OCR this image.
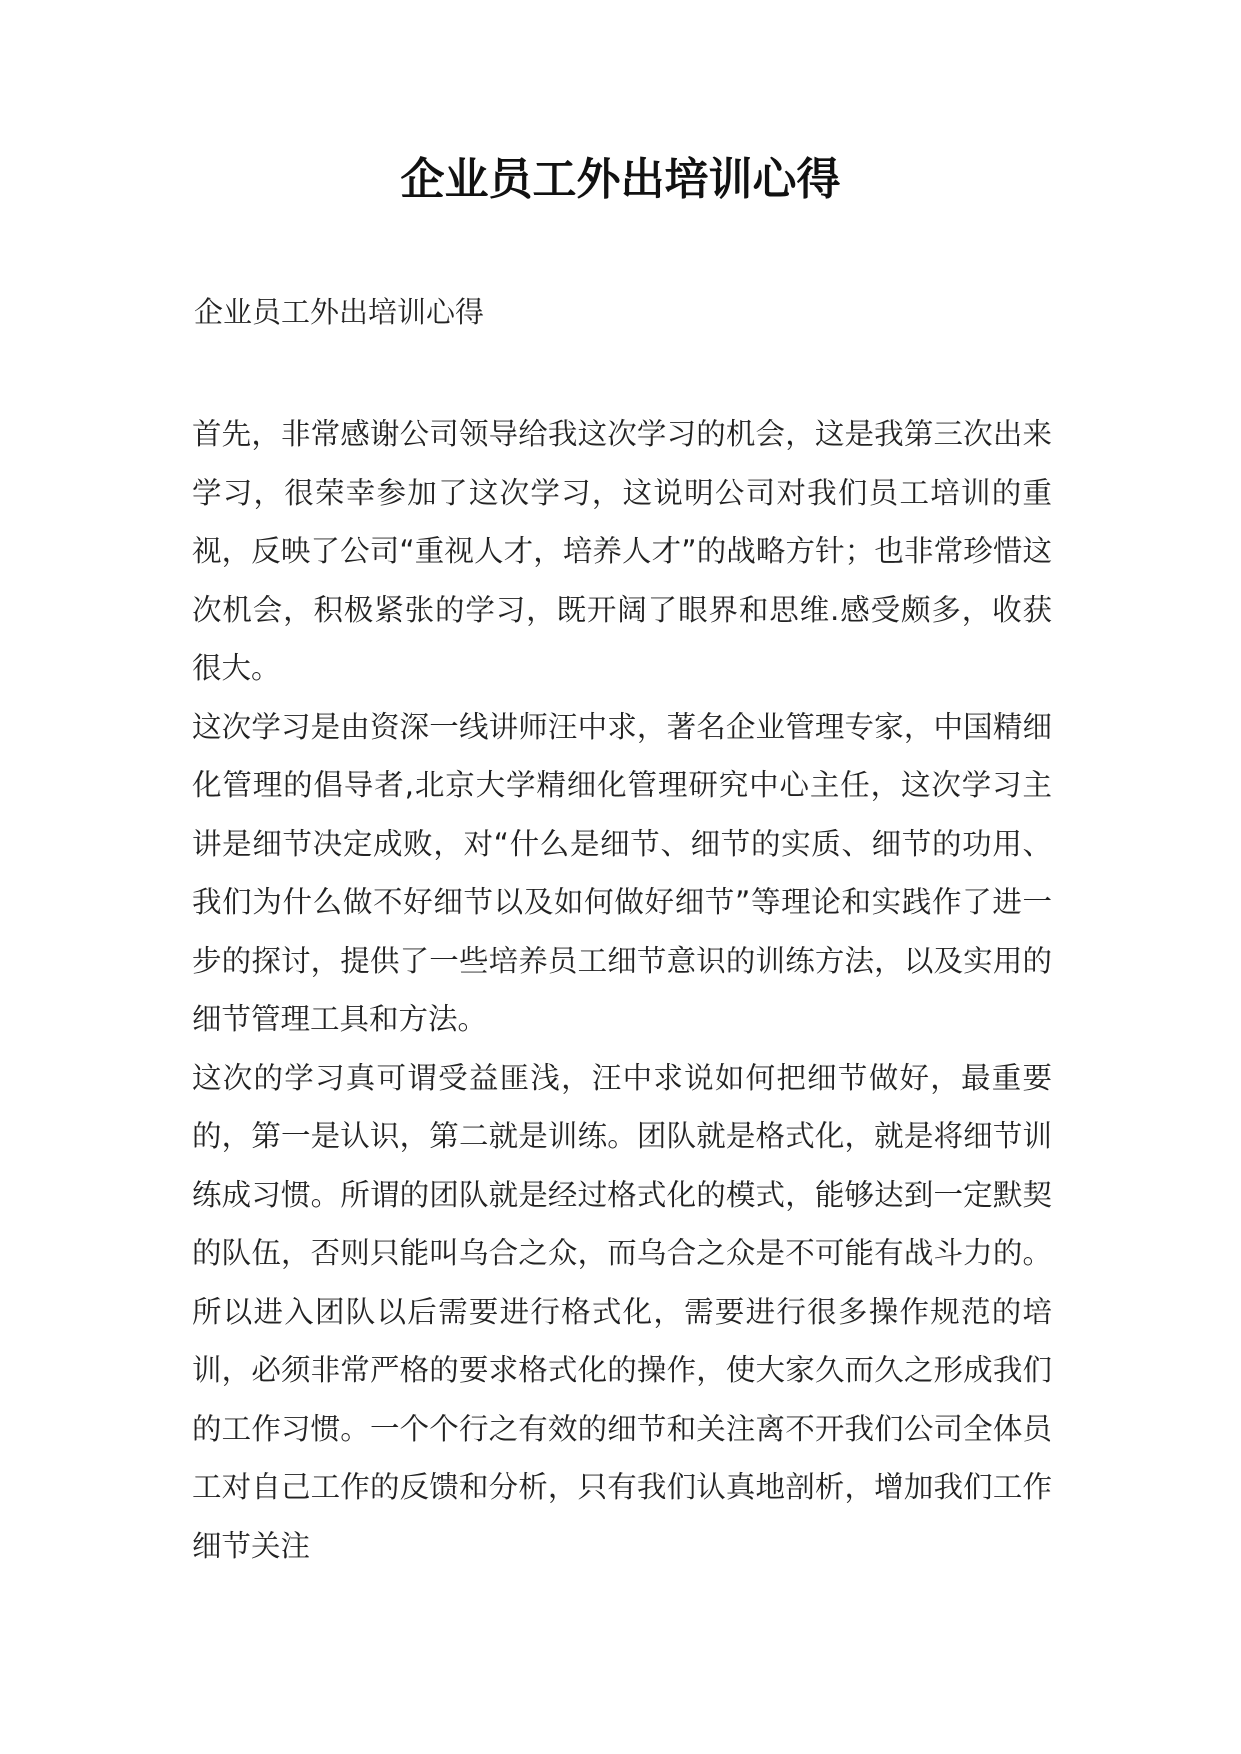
企业员工外出培训心得
企业员工外出培训心得

首先，非常感谢公司领导给我这次学习的机会，这是我第三次出来学习，很荣幸参加了这次学习，这说明公司对我们员工培训的重视，反映了公司“重视人才，培养人才”的战略方针；也非常珍惜这次机会，积极紧张的学习，既开阔了眼界和思维.感受颇多，收获很大。

这次学习是由资深一线讲师汪中求，著名企业管理专家，中国精细化管理的倡导者,北京大学精细化管理研究中心主任，这次学习主讲是细节决定成败，对“什么是细节、细节的实质、细节的功用、我们为什么做不好细节以及如何做好细节”等理论和实践作了进一步的探讨，提供了一些培养员工细节意识的训练方法，以及实用的细节管理工具和方法。

这次的学习真可谓受益匪浅，汪中求说如何把细节做好，最重要的，第一是认识，第二就是训练。团队就是格式化，就是将细节训练成习惯。所谓的团队就是经过格式化的模式，能够达到一定默契的队伍，否则只能叫乌合之众，而乌合之众是不可能有战斗力的。所以进入团队以后需要进行格式化，需要进行很多操作规范的培训，必须非常严格的要求格式化的操作，使大家久而久之形成我们的工作习惯。一个个行之有效的细节和关注离不开我们公司全体员工对自己工作的反馈和分析，只有我们认真地剖析，增加我们工作细节关注
